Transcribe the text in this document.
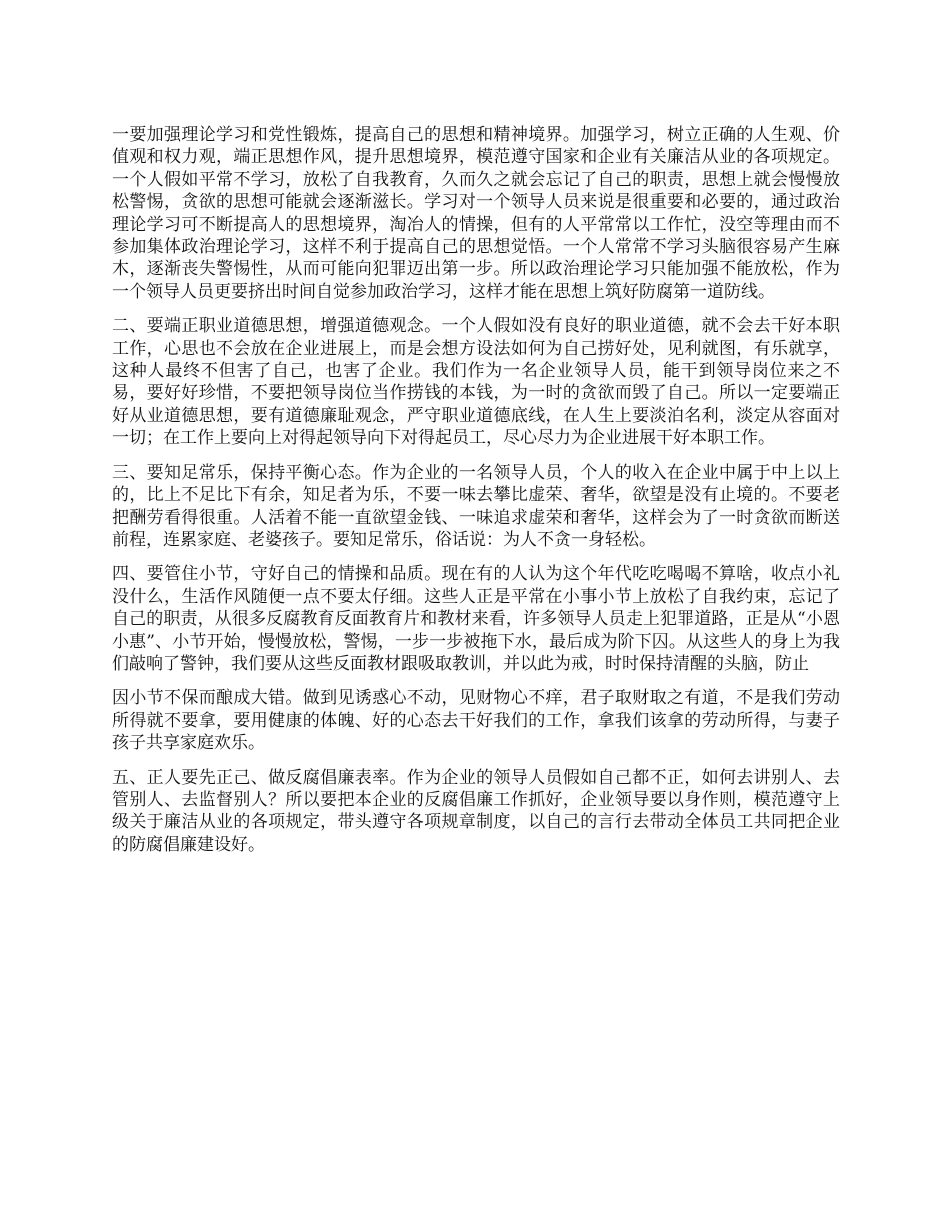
一要加强理论学习和党性锻炼，提高自己的思想和精神境界。加强学习，树立正确的人生观、价值观和权力观，端正思想作风，提升思想境界，模范遵守国家和企业有关廉洁从业的各项规定。一个人假如平常不学习，放松了自我教育，久而久之就会忘记了自己的职责，思想上就会慢慢放松警惕，贪欲的思想可能就会逐渐滋长。学习对一个领导人员来说是很重要和必要的，通过政治理论学习可不断提高人的思想境界，淘冶人的情操，但有的人平常常以工作忙，没空等理由而不参加集体政治理论学习，这样不利于提高自己的思想觉悟。一个人常常不学习头脑很容易产生麻木，逐渐丧失警惕性，从而可能向犯罪迈出第一步。所以政治理论学习只能加强不能放松，作为一个领导人员更要挤出时间自觉参加政治学习，这样才能在思想上筑好防腐第一道防线。

二、要端正职业道德思想，增强道德观念。一个人假如没有良好的职业道德，就不会去干好本职工作，心思也不会放在企业进展上，而是会想方设法如何为自己捞好处，见利就图，有乐就享，这种人最终不但害了自己，也害了企业。我们作为一名企业领导人员，能干到领导岗位来之不易，要好好珍惜，不要把领导岗位当作捞钱的本钱，为一时的贪欲而毁了自己。所以一定要端正好从业道德思想，要有道德廉耻观念，严守职业道德底线，在人生上要淡泊名利，淡定从容面对一切；在工作上要向上对得起领导向下对得起员工，尽心尽力为企业进展干好本职工作。

三、要知足常乐，保持平衡心态。作为企业的一名领导人员，个人的收入在企业中属于中上以上的，比上不足比下有余，知足者为乐，不要一味去攀比虚荣、奢华，欲望是没有止境的。不要老把酬劳看得很重。人活着不能一直欲望金钱、一味追求虚荣和奢华，这样会为了一时贪欲而断送前程，连累家庭、老婆孩子。要知足常乐，俗话说：为人不贪一身轻松。

四、要管住小节，守好自己的情操和品质。现在有的人认为这个年代吃吃喝喝不算啥，收点小礼没什么，生活作风随便一点不要太仔细。这些人正是平常在小事小节上放松了自我约束，忘记了自己的职责，从很多反腐教育反面教育片和教材来看，许多领导人员走上犯罪道路，正是从“小恩小惠”、小节开始，慢慢放松，警惕，一步一步被拖下水，最后成为阶下囚。从这些人的身上为我们敲响了警钟，我们要从这些反面教材跟吸取教训，并以此为戒，时时保持清醒的头脑，防止

因小节不保而酿成大错。做到见诱惑心不动，见财物心不痒，君子取财取之有道，不是我们劳动所得就不要拿，要用健康的体魄、好的心态去干好我们的工作，拿我们该拿的劳动所得，与妻子孩子共享家庭欢乐。

五、正人要先正己、做反腐倡廉表率。作为企业的领导人员假如自己都不正，如何去讲别人、去管别人、去监督别人？所以要把本企业的反腐倡廉工作抓好，企业领导要以身作则，模范遵守上级关于廉洁从业的各项规定，带头遵守各项规章制度，以自己的言行去带动全体员工共同把企业的防腐倡廉建设好。
